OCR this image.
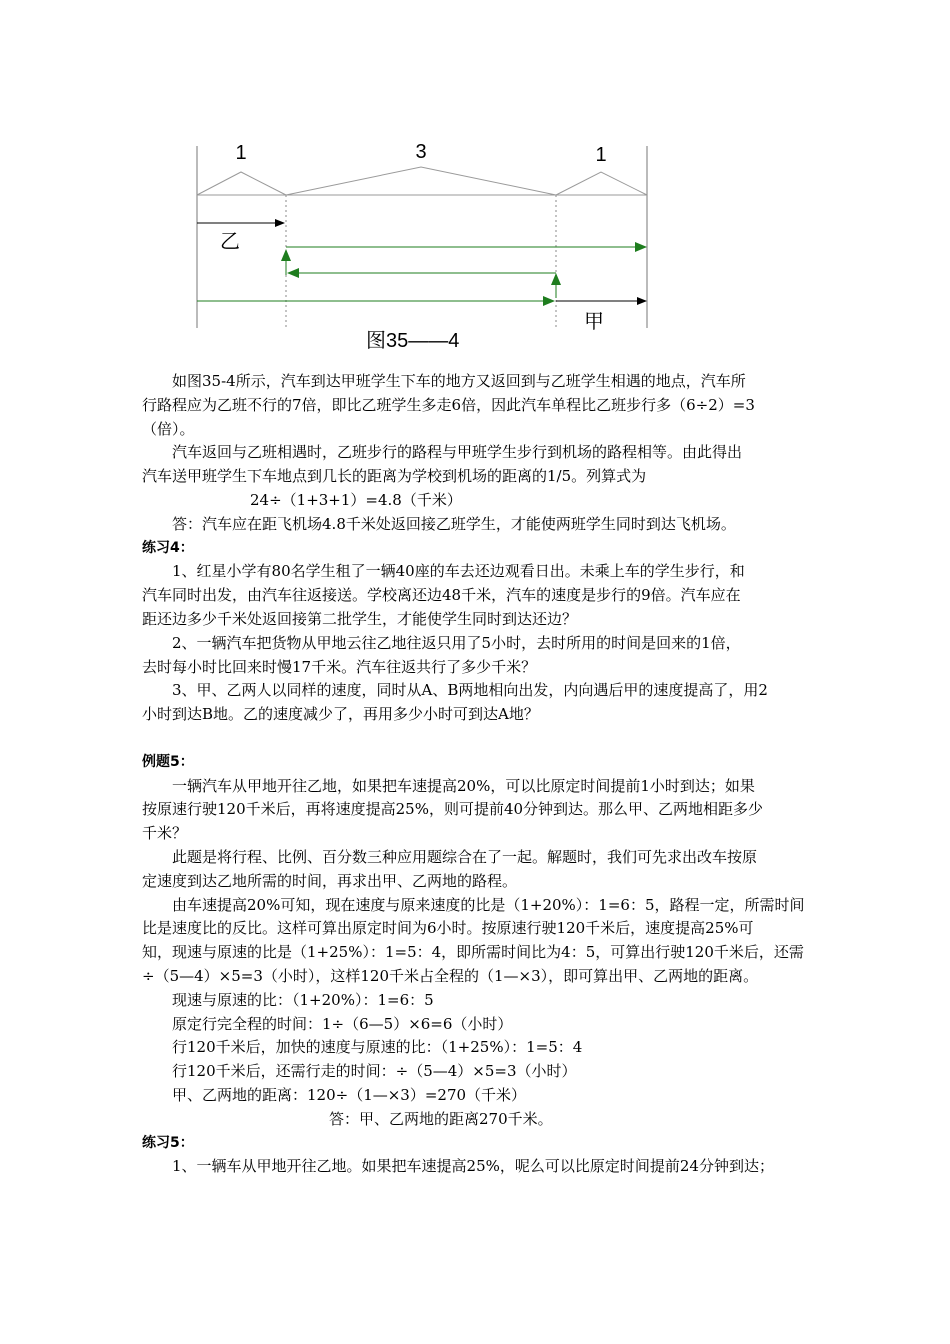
1	3	1
乙
甲
图35——4
如图35-4所示，汽车到达甲班学生下车的地方又返回到与乙班学生相遇的地点，汽车所
行路程应为乙班不行的7倍，即比乙班学生多走6倍，因此汽车单程比乙班步行多（6÷2）=3
（倍）。
汽车返回与乙班相遇时，乙班步行的路程与甲班学生步行到机场的路程相等。由此得出
汽车送甲班学生下车地点到几长的距离为学校到机场的距离的1/5。列算式为
24÷（1+3+1）=4.8（千米）
答：汽车应在距飞机场4.8千米处返回接乙班学生，才能使两班学生同时到达飞机场。
练习4：
1、红星小学有80名学生租了一辆40座的车去还边观看日出。未乘上车的学生步行，和
汽车同时出发，由汽车往返接送。学校离还边48千米，汽车的速度是步行的9倍。汽车应在
距还边多少千米处返回接第二批学生，才能使学生同时到达还边？
2、一辆汽车把货物从甲地云往乙地往返只用了5小时，去时所用的时间是回来的1倍，
去时每小时比回来时慢17千米。汽车往返共行了多少千米？
3、甲、乙两人以同样的速度，同时从A、B两地相向出发，内向遇后甲的速度提高了，用2
小时到达B地。乙的速度减少了，再用多少小时可到达A地？
例题5：
一辆汽车从甲地开往乙地，如果把车速提高20%，可以比原定时间提前1小时到达；如果
按原速行驶120千米后，再将速度提高25%，则可提前40分钟到达。那么甲、乙两地相距多少
千米？
此题是将行程、比例、百分数三种应用题综合在了一起。解题时，我们可先求出改车按原
定速度到达乙地所需的时间，再求出甲、乙两地的路程。
由车速提高20%可知，现在速度与原来速度的比是（1+20%）：1=6：5，路程一定，所需时间
比是速度比的反比。这样可算出原定时间为6小时。按原速行驶120千米后，速度提高25%可
知，现速与原速的比是（1+25%）：1=5：4，即所需时间比为4：5，可算出行驶120千米后，还需
÷（5—4）×5=3（小时），这样120千米占全程的（1—×3），即可算出甲、乙两地的距离。
现速与原速的比：（1+20%）：1=6：5
原定行完全程的时间：1÷（6—5）×6=6（小时）
行120千米后，加快的速度与原速的比：（1+25%）：1=5：4
行120千米后，还需行走的时间：÷（5—4）×5=3（小时）
甲、乙两地的距离：120÷（1—×3）=270（千米）
答：甲、乙两地的距离270千米。
练习5：
1、一辆车从甲地开往乙地。如果把车速提高25%，呢么可以比原定时间提前24分钟到达；
